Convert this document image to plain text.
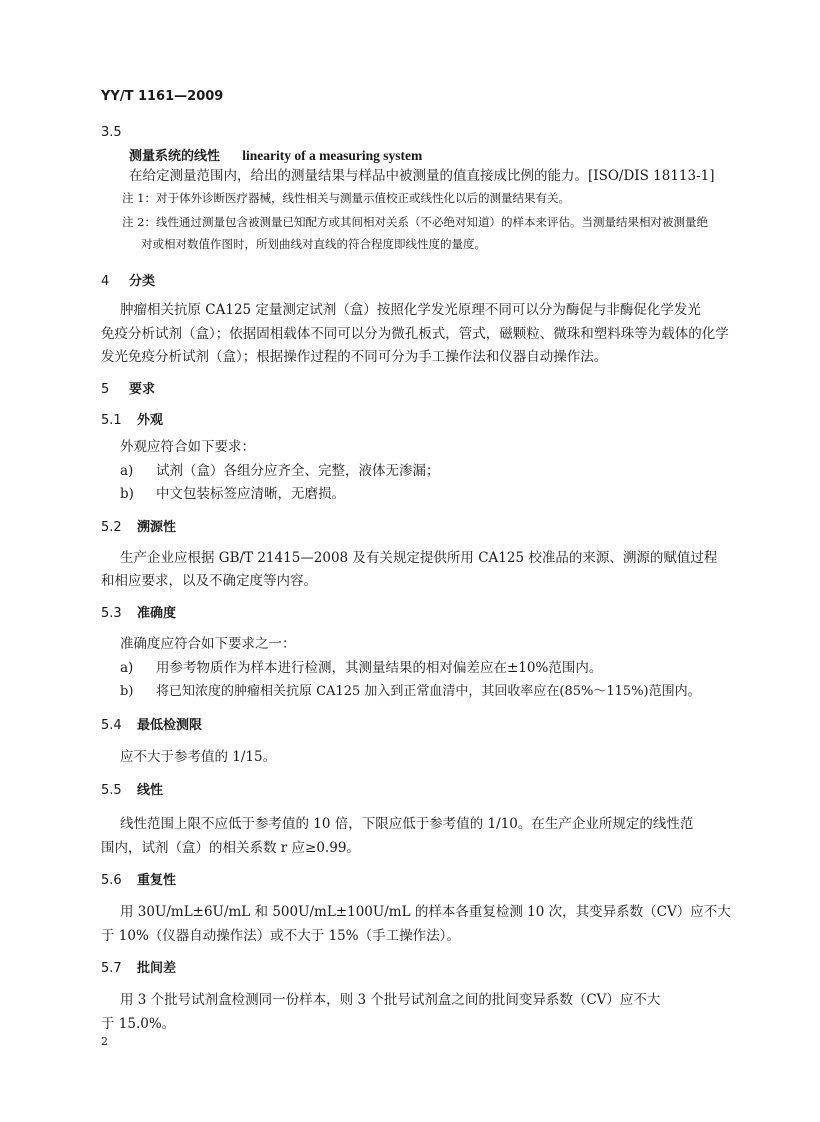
YY/T 1161—2009
3.5
测量系统的线性 linearity of a measuring system
在给定测量范围内，给出的测量结果与样品中被测量的值直接成比例的能力。[ISO/DIS 18113-1]
注 1：对于体外诊断医疗器械，线性相关与测量示值校正或线性化以后的测量结果有关。
注 2：线性通过测量包含被测量已知配方或其间相对关系（不必绝对知道）的样本来评估。当测量结果相对被测量绝
对或相对数值作图时，所划曲线对直线的符合程度即线性度的量度。
4 分类
肿瘤相关抗原 CA125 定量测定试剂（盒）按照化学发光原理不同可以分为酶促与非酶促化学发光
免疫分析试剂（盒）；依据固相载体不同可以分为微孔板式，管式，磁颗粒、微珠和塑料珠等为载体的化学
发光免疫分析试剂（盒）；根据操作过程的不同可分为手工操作法和仪器自动操作法。
5 要求
5.1 外观
外观应符合如下要求：
a) 试剂（盒）各组分应齐全、完整，液体无渗漏；
b) 中文包装标签应清晰，无磨损。
5.2 溯源性
生产企业应根据 GB/T 21415—2008 及有关规定提供所用 CA125 校准品的来源、溯源的赋值过程
和相应要求，以及不确定度等内容。
5.3 准确度
准确度应符合如下要求之一：
a) 用参考物质作为样本进行检测，其测量结果的相对偏差应在±10%范围内。
b) 将已知浓度的肿瘤相关抗原 CA125 加入到正常血清中，其回收率应在(85%～115%)范围内。
5.4 最低检测限
应不大于参考值的 1/15。
5.5 线性
线性范围上限不应低于参考值的 10 倍，下限应低于参考值的 1/10。在生产企业所规定的线性范
围内，试剂（盒）的相关系数 r 应≥0.99。
5.6 重复性
用 30U/mL±6U/mL 和 500U/mL±100U/mL 的样本各重复检测 10 次，其变异系数（CV）应不大
于 10%（仪器自动操作法）或不大于 15%（手工操作法）。
5.7 批间差
用 3 个批号试剂盒检测同一份样本，则 3 个批号试剂盒之间的批间变异系数（CV）应不大
于 15.0%。
2
